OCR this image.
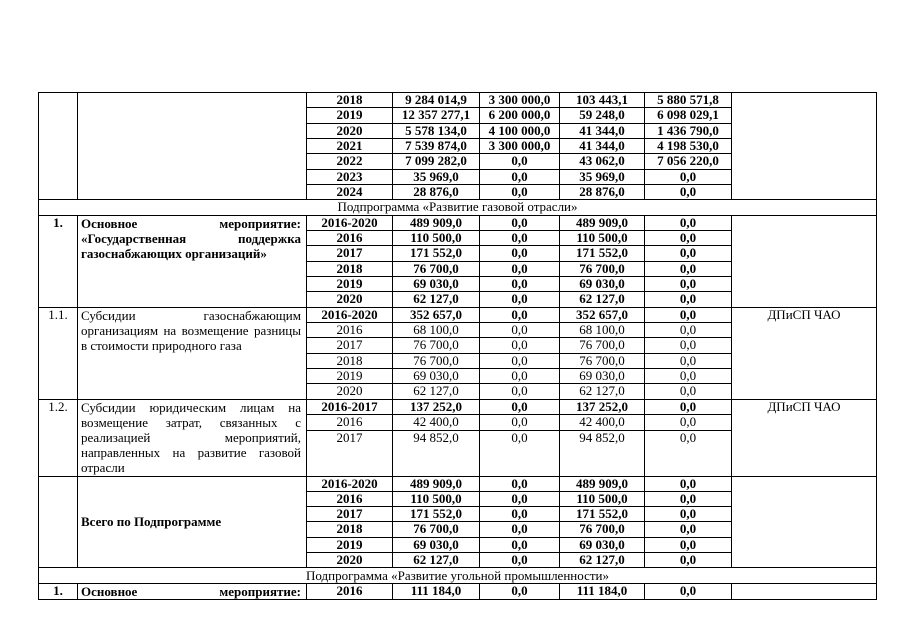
		2018	9 284 014,9	3 300 000,0	103 443,1	5 880 571,8	
		2019	12 357 277,1	6 200 000,0	59 248,0	6 098 029,1	
		2020	5 578 134,0	4 100 000,0	41 344,0	1 436 790,0	
		2021	7 539 874,0	3 300 000,0	41 344,0	4 198 530,0	
		2022	7 099 282,0	0,0	43 062,0	7 056 220,0	
		2023	35 969,0	0,0	35 969,0	0,0	
		2024	28 876,0	0,0	28 876,0	0,0	
Подпрограмма «Развитие газовой отрасли»							
1.	Основное мероприятие:
«Государственная поддержка
газоснабжающих организаций»	2016-2020	489 909,0	0,0	489 909,0	0,0	
		2016	110 500,0	0,0	110 500,0	0,0	
		2017	171 552,0	0,0	171 552,0	0,0	
		2018	76 700,0	0,0	76 700,0	0,0	
		2019	69 030,0	0,0	69 030,0	0,0	
		2020	62 127,0	0,0	62 127,0	0,0	
1.1.	Субсидии газоснабжающим
организациям на возмещение разницы
в стоимости природного газа	2016-2020	352 657,0	0,0	352 657,0	0,0	ДПиСП ЧАО
		2016	68 100,0	0,0	68 100,0	0,0	
		2017	76 700,0	0,0	76 700,0	0,0	
		2018	76 700,0	0,0	76 700,0	0,0	
		2019	69 030,0	0,0	69 030,0	0,0	
		2020	62 127,0	0,0	62 127,0	0,0	
1.2.	Субсидии юридическим лицам на
возмещение затрат, связанных с
реализацией мероприятий,
направленных на развитие газовой
отрасли	2016-2017	137 252,0	0,0	137 252,0	0,0	ДПиСП ЧАО
		2016	42 400,0	0,0	42 400,0	0,0	
		2017	94 852,0	0,0	94 852,0	0,0	

	Всего по Подпрограмме	2016-2020	489 909,0	0,0	489 909,0	0,0	
		2016	110 500,0	0,0	110 500,0	0,0	
		2017	171 552,0	0,0	171 552,0	0,0	
		2018	76 700,0	0,0	76 700,0	0,0	
		2019	69 030,0	0,0	69 030,0	0,0	
		2020	62 127,0	0,0	62 127,0	0,0	
Подпрограмма «Развитие угольной промышленности»							
1.	Основное мероприятие:	2016	111 184,0	0,0	111 184,0	0,0	
